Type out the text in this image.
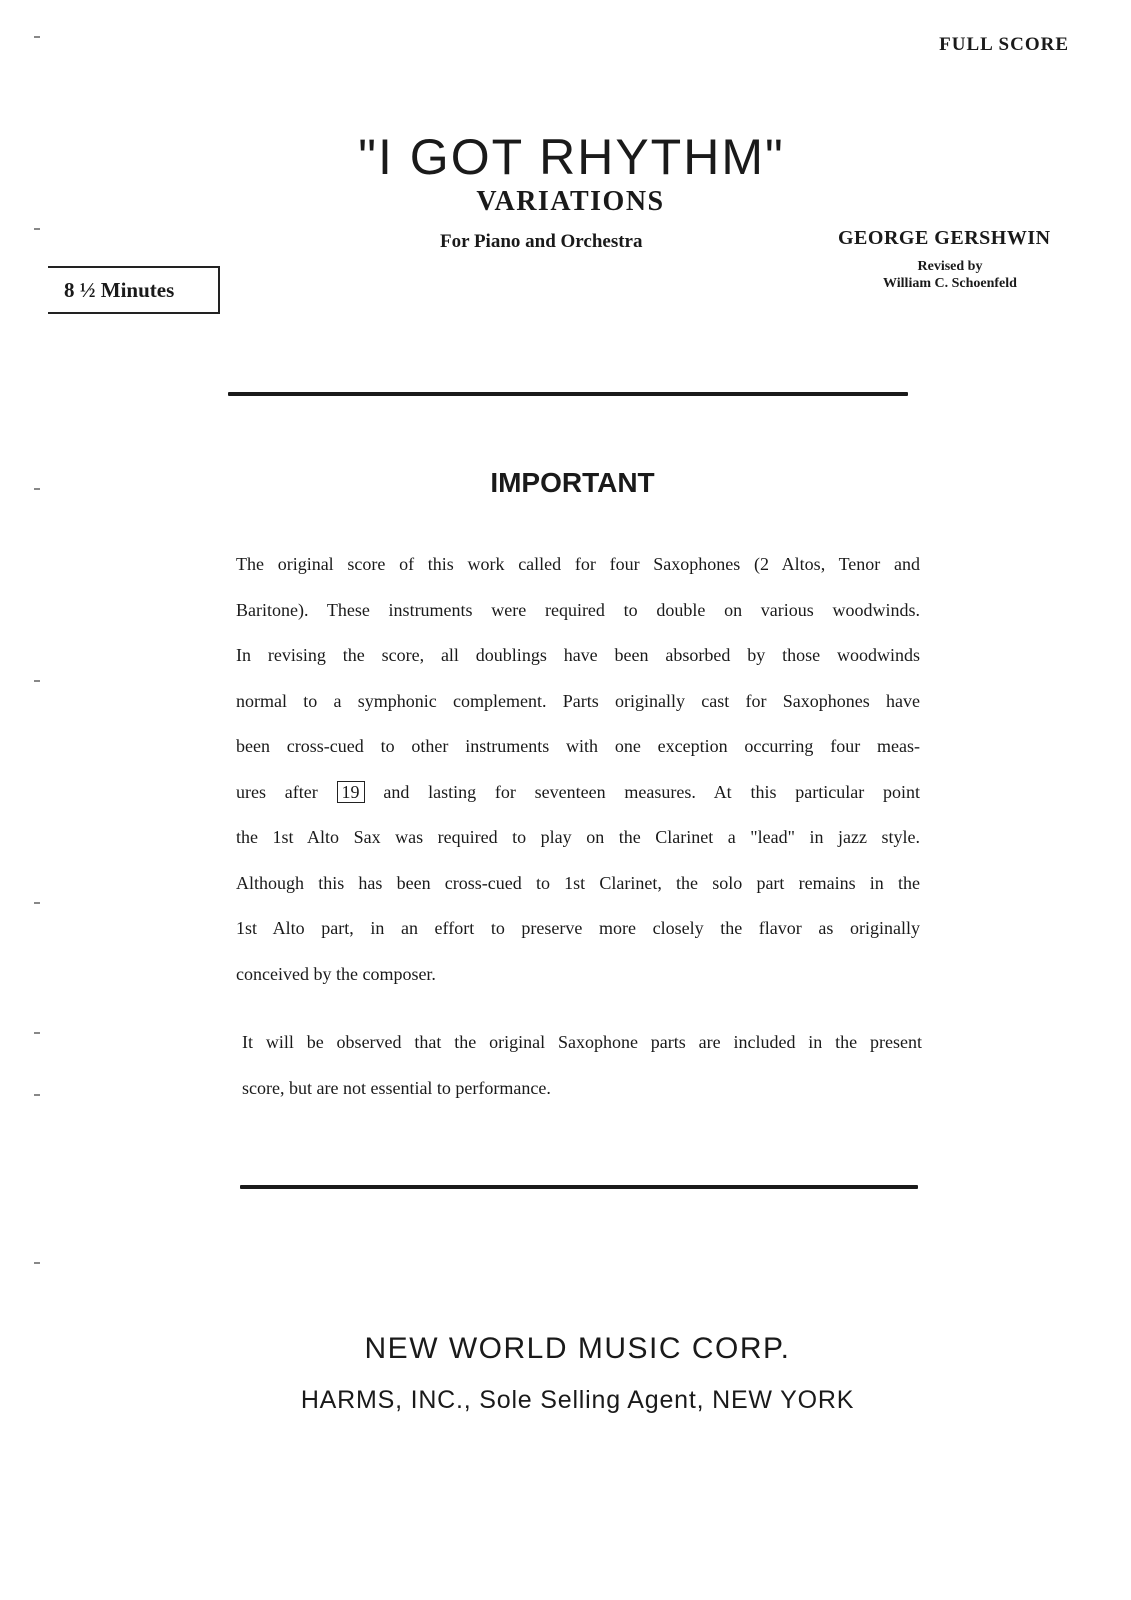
FULL SCORE
"I GOT RHYTHM"
VARIATIONS
For Piano and Orchestra	GEORGE GERSHWIN
Revised by
William C. Schoenfeld
8 ½ Minutes
IMPORTANT
The original score of this work called for four Saxophones (2 Altos, Tenor and
Baritone). These instruments were required to double on various woodwinds.
In revising the score, all doublings have been absorbed by those woodwinds
normal to a symphonic complement. Parts originally cast for Saxophones have
been cross-cued to other instruments with one exception occurring four meas-
ures after 19 and lasting for seventeen measures. At this particular point
the 1st Alto Sax was required to play on the Clarinet a "lead" in jazz style.
Although this has been cross-cued to 1st Clarinet, the solo part remains in the
1st Alto part, in an effort to preserve more closely the flavor as originally
conceived by the composer.
It will be observed that the original Saxophone parts are included in the present
score, but are not essential to performance.
NEW WORLD MUSIC CORP.
HARMS, INC., Sole Selling Agent, NEW YORK
